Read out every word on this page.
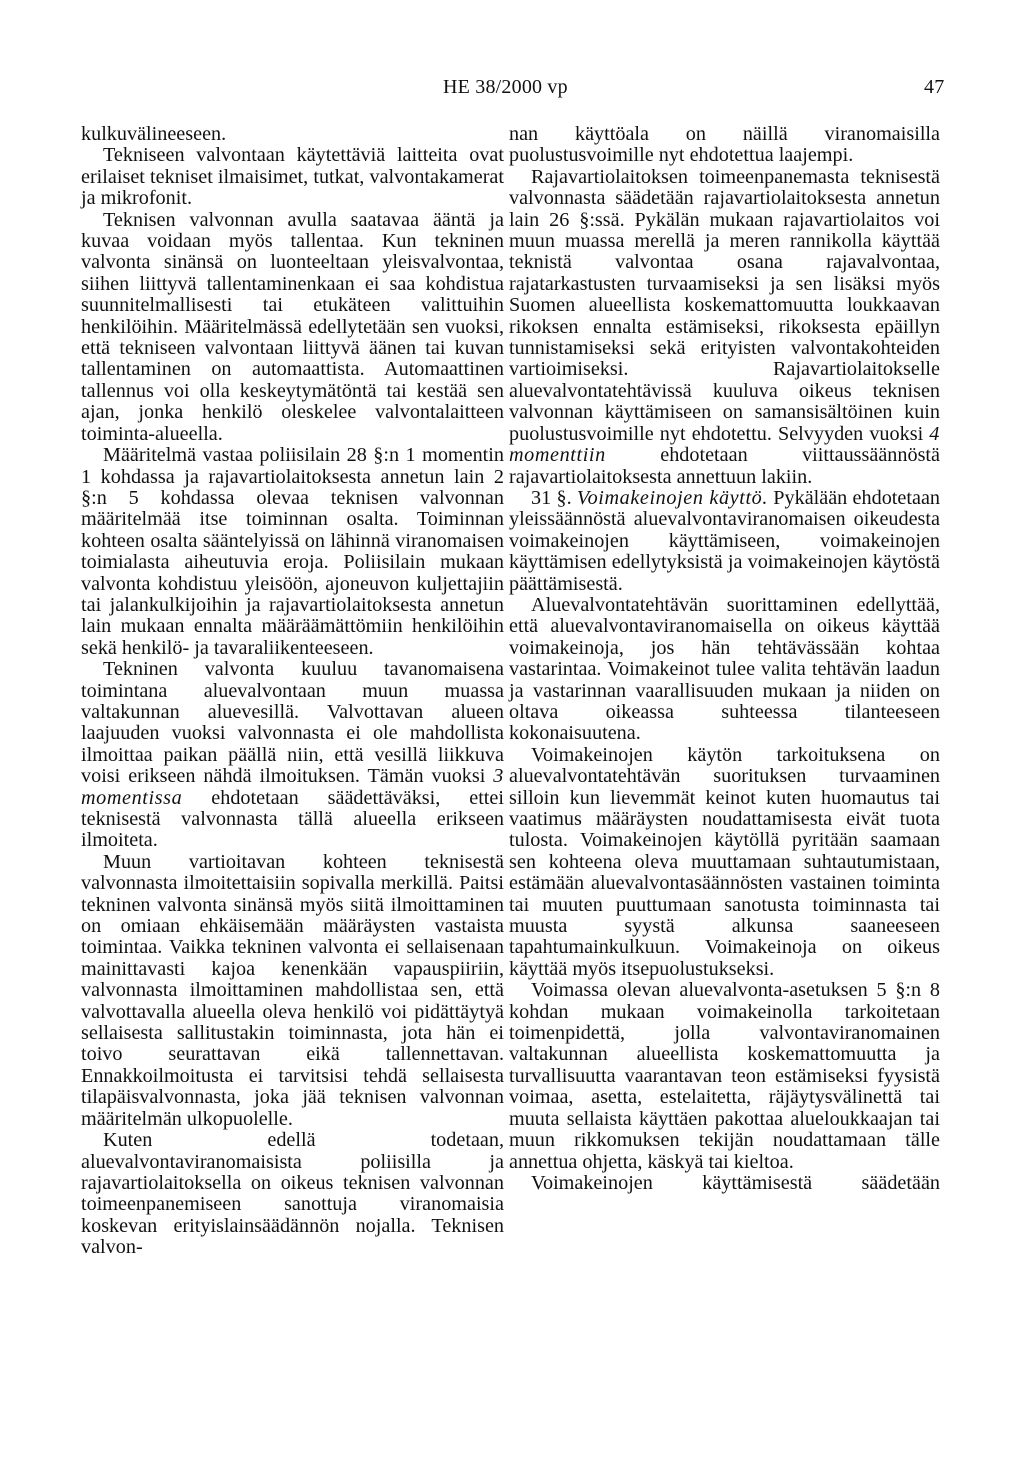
HE 38/2000 vp	47

kulkuvälineeseen.

Tekniseen valvontaan käytettäviä laitteita ovat erilaiset tekniset ilmaisimet, tutkat, valvontakamerat ja mikrofonit.

Teknisen valvonnan avulla saatavaa ääntä ja kuvaa voidaan myös tallentaa. Kun tekninen valvonta sinänsä on luonteeltaan yleisvalvontaa, siihen liittyvä tallentaminenkaan ei saa kohdistua suunnitelmallisesti tai etukäteen valittuihin henkilöihin. Määritelmässä edellytetään sen vuoksi, että tekniseen valvontaan liittyvä äänen tai kuvan tallentaminen on automaattista. Automaattinen tallennus voi olla keskeytymätöntä tai kestää sen ajan, jonka henkilö oleskelee valvontalaitteen toiminta-alueella.

Määritelmä vastaa poliisilain 28 §:n 1 momentin 1 kohdassa ja rajavartiolaitoksesta annetun lain 2 §:n 5 kohdassa olevaa teknisen valvonnan määritelmää itse toiminnan osalta. Toiminnan kohteen osalta sääntelyissä on lähinnä viranomaisen toimialasta aiheutuvia eroja. Poliisilain mukaan valvonta kohdistuu yleisöön, ajoneuvon kuljettajiin tai jalankulkijoihin ja rajavartiolaitoksesta annetun lain mukaan ennalta määräämättömiin henkilöihin sekä henkilö- ja tavaraliikenteeseen.

Tekninen valvonta kuuluu tavanomaisena toimintana aluevalvontaan muun muassa valtakunnan aluevesillä. Valvottavan alueen laajuuden vuoksi valvonnasta ei ole mahdollista ilmoittaa paikan päällä niin, että vesillä liikkuva voisi erikseen nähdä ilmoituksen. Tämän vuoksi 3 momentissa ehdotetaan säädettäväksi, ettei teknisestä valvonnasta tällä alueella erikseen ilmoiteta.

Muun vartioitavan kohteen teknisestä valvonnasta ilmoitettaisiin sopivalla merkillä. Paitsi tekninen valvonta sinänsä myös siitä ilmoittaminen on omiaan ehkäisemään määräysten vastaista toimintaa. Vaikka tekninen valvonta ei sellaisenaan mainittavasti kajoa kenenkään vapauspiiriin, valvonnasta ilmoittaminen mahdollistaa sen, että valvottavalla alueella oleva henkilö voi pidättäytyä sellaisesta sallitustakin toiminnasta, jota hän ei toivo seurattavan eikä tallennettavan. Ennakkoilmoitusta ei tarvitsisi tehdä sellaisesta tilapäisvalvonnasta, joka jää teknisen valvonnan määritelmän ulkopuolelle.

Kuten edellä todetaan, aluevalvontaviranomaisista poliisilla ja rajavartiolaitoksella on oikeus teknisen valvonnan toimeenpanemiseen sanottuja viranomaisia koskevan erityislainsäädännön nojalla. Teknisen valvon-

nan käyttöala on näillä viranomaisilla puolustusvoimille nyt ehdotettua laajempi.

Rajavartiolaitoksen toimeenpanemasta teknisestä valvonnasta säädetään rajavartiolaitoksesta annetun lain 26 §:ssä. Pykälän mukaan rajavartiolaitos voi muun muassa merellä ja meren rannikolla käyttää teknistä valvontaa osana rajavalvontaa, rajatarkastusten turvaamiseksi ja sen lisäksi myös Suomen alueellista koskemattomuutta loukkaavan rikoksen ennalta estämiseksi, rikoksesta epäillyn tunnistamiseksi sekä erityisten valvontakohteiden vartioimiseksi. Rajavartiolaitokselle aluevalvontatehtävissä kuuluva oikeus teknisen valvonnan käyttämiseen on samansisältöinen kuin puolustusvoimille nyt ehdotettu. Selvyyden vuoksi 4 momenttiin ehdotetaan viittaussäännöstä rajavartiolaitoksesta annettuun lakiin.

31 §. Voimakeinojen käyttö. Pykälään ehdotetaan yleissäännöstä aluevalvontaviranomaisen oikeudesta voimakeinojen käyttämiseen, voimakeinojen käyttämisen edellytyksistä ja voimakeinojen käytöstä päättämisestä.

Aluevalvontatehtävän suorittaminen edellyttää, että aluevalvontaviranomaisella on oikeus käyttää voimakeinoja, jos hän tehtävässään kohtaa vastarintaa. Voimakeinot tulee valita tehtävän laadun ja vastarinnan vaarallisuuden mukaan ja niiden on oltava oikeassa suhteessa tilanteeseen kokonaisuutena.

Voimakeinojen käytön tarkoituksena on aluevalvontatehtävän suorituksen turvaaminen silloin kun lievemmät keinot kuten huomautus tai vaatimus määräysten noudattamisesta eivät tuota tulosta. Voimakeinojen käytöllä pyritään saamaan sen kohteena oleva muuttamaan suhtautumistaan, estämään aluevalvontasäännösten vastainen toiminta tai muuten puuttumaan sanotusta toiminnasta tai muusta syystä alkunsa saaneeseen tapahtumainkulkuun. Voimakeinoja on oikeus käyttää myös itsepuolustukseksi.

Voimassa olevan aluevalvonta-asetuksen 5 §:n 8 kohdan mukaan voimakeinolla tarkoitetaan toimenpidettä, jolla valvontaviranomainen valtakunnan alueellista koskemattomuutta ja turvallisuutta vaarantavan teon estämiseksi fyysistä voimaa, asetta, estelaitetta, räjäytysvälinettä tai muuta sellaista käyttäen pakottaa alueloukkaajan tai muun rikkomuksen tekijän noudattamaan tälle annettua ohjetta, käskyä tai kieltoa.

Voimakeinojen käyttämisestä säädetään
